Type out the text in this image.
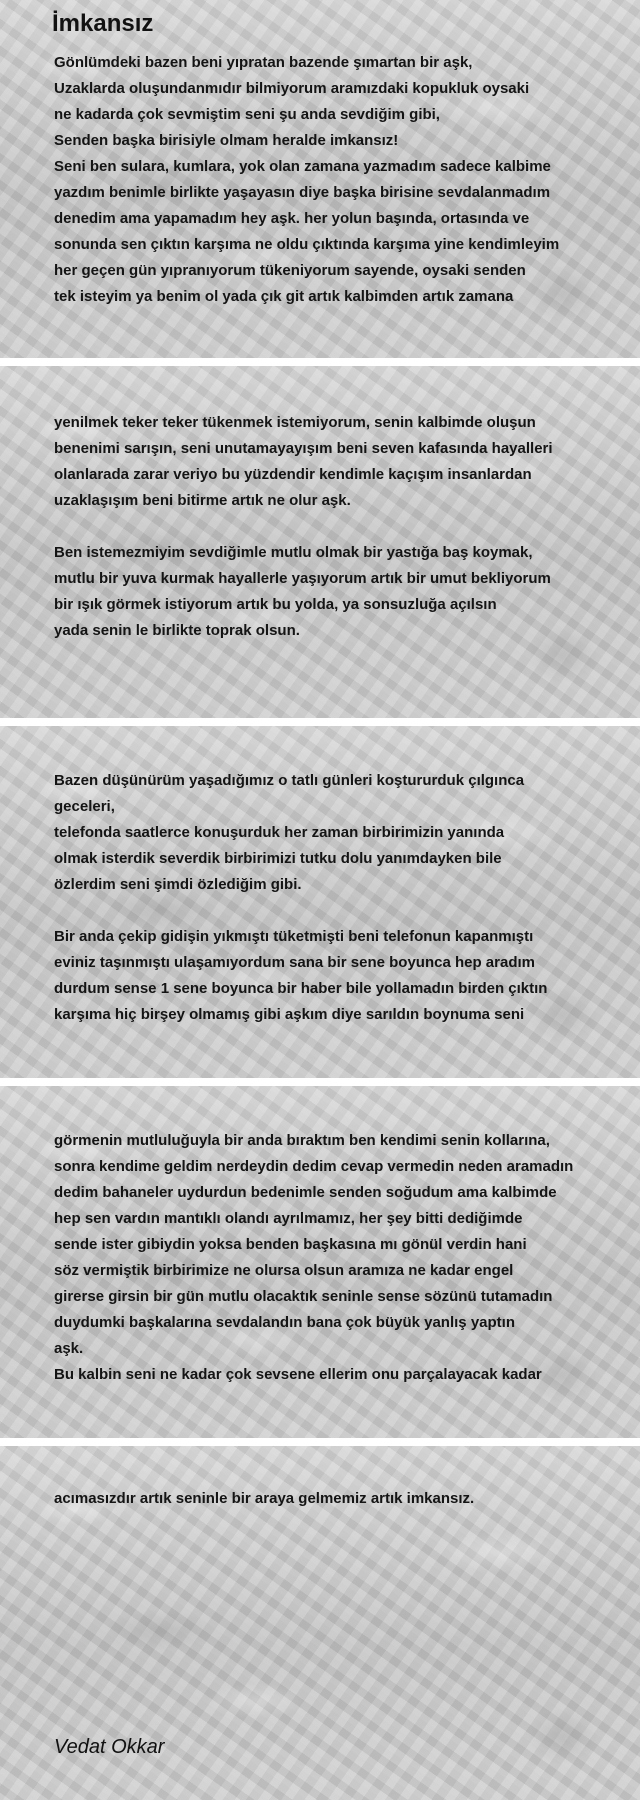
İmkansız
Gönlümdeki bazen beni yıpratan bazende şımartan bir aşk,
Uzaklarda oluşundanmıdır bilmiyorum aramızdaki kopukluk oysaki
ne kadarda çok sevmiştim seni şu anda sevdiğim gibi,
Senden başka birisiyle olmam heralde imkansız!
Seni ben sulara, kumlara, yok olan zamana yazmadım sadece kalbime
yazdım benimle birlikte yaşayasın diye başka birisine sevdalanmadım
denedim ama yapamadım hey aşk. her yolun başında, ortasında ve
sonunda sen çıktın karşıma ne oldu çıktında karşıma yine kendimleyim
her geçen gün yıpranıyorum tükeniyorum sayende, oysaki senden
tek isteyim ya benim ol yada çık git artık kalbimden artık zamana
yenilmek teker teker tükenmek istemiyorum, senin kalbimde oluşun
benenimi sarışın, seni unutamayayışım beni seven kafasında hayalleri
olanlarada zarar veriyo bu yüzdendir kendimle kaçışım insanlardan
uzaklaşışım beni bitirme artık ne olur aşk.
Ben istemezmiyim sevdiğimle mutlu olmak bir yastığa baş koymak,
mutlu bir yuva kurmak hayallerle yaşıyorum artık bir umut bekliyorum
bir ışık görmek istiyorum artık bu yolda, ya sonsuzluğa açılsın
yada senin le birlikte toprak olsun.
Bazen düşünürüm yaşadığımız o tatlı günleri koştururduk çılgınca
geceleri,
telefonda saatlerce konuşurduk her zaman birbirimizin yanında
olmak isterdik severdik birbirimizi tutku dolu yanımdayken bile
özlerdim seni şimdi özlediğim gibi.
Bir anda çekip gidişin yıkmıştı tüketmişti beni telefonun kapanmıştı
eviniz taşınmıştı ulaşamıyordum sana bir sene boyunca hep aradım
durdum sense 1 sene boyunca bir haber bile yollamadın birden çıktın
karşıma hiç birşey olmamış gibi aşkım diye sarıldın boynuma seni
görmenin mutluluğuyla bir anda bıraktım ben kendimi senin kollarına,
sonra kendime geldim nerdeydin dedim cevap vermedin neden aramadın
dedim bahaneler uydurdun bedenimle senden soğudum ama kalbimde
hep sen vardın mantıklı olandı ayrılmamız, her şey bitti dediğimde
sende ister gibiydin yoksa benden başkasına mı gönül verdin hani
söz vermiştik birbirimize ne olursa olsun aramıza ne kadar engel
girerse girsin bir gün mutlu olacaktık seninle sense sözünü tutamadın
duydumki başkalarına sevdalandın bana çok büyük yanlış yaptın
aşk.
Bu kalbin seni ne kadar çok sevsene ellerim onu parçalayacak kadar
acımasızdır artık seninle bir araya gelmemiz artık imkansız.

Vedat Okkar
